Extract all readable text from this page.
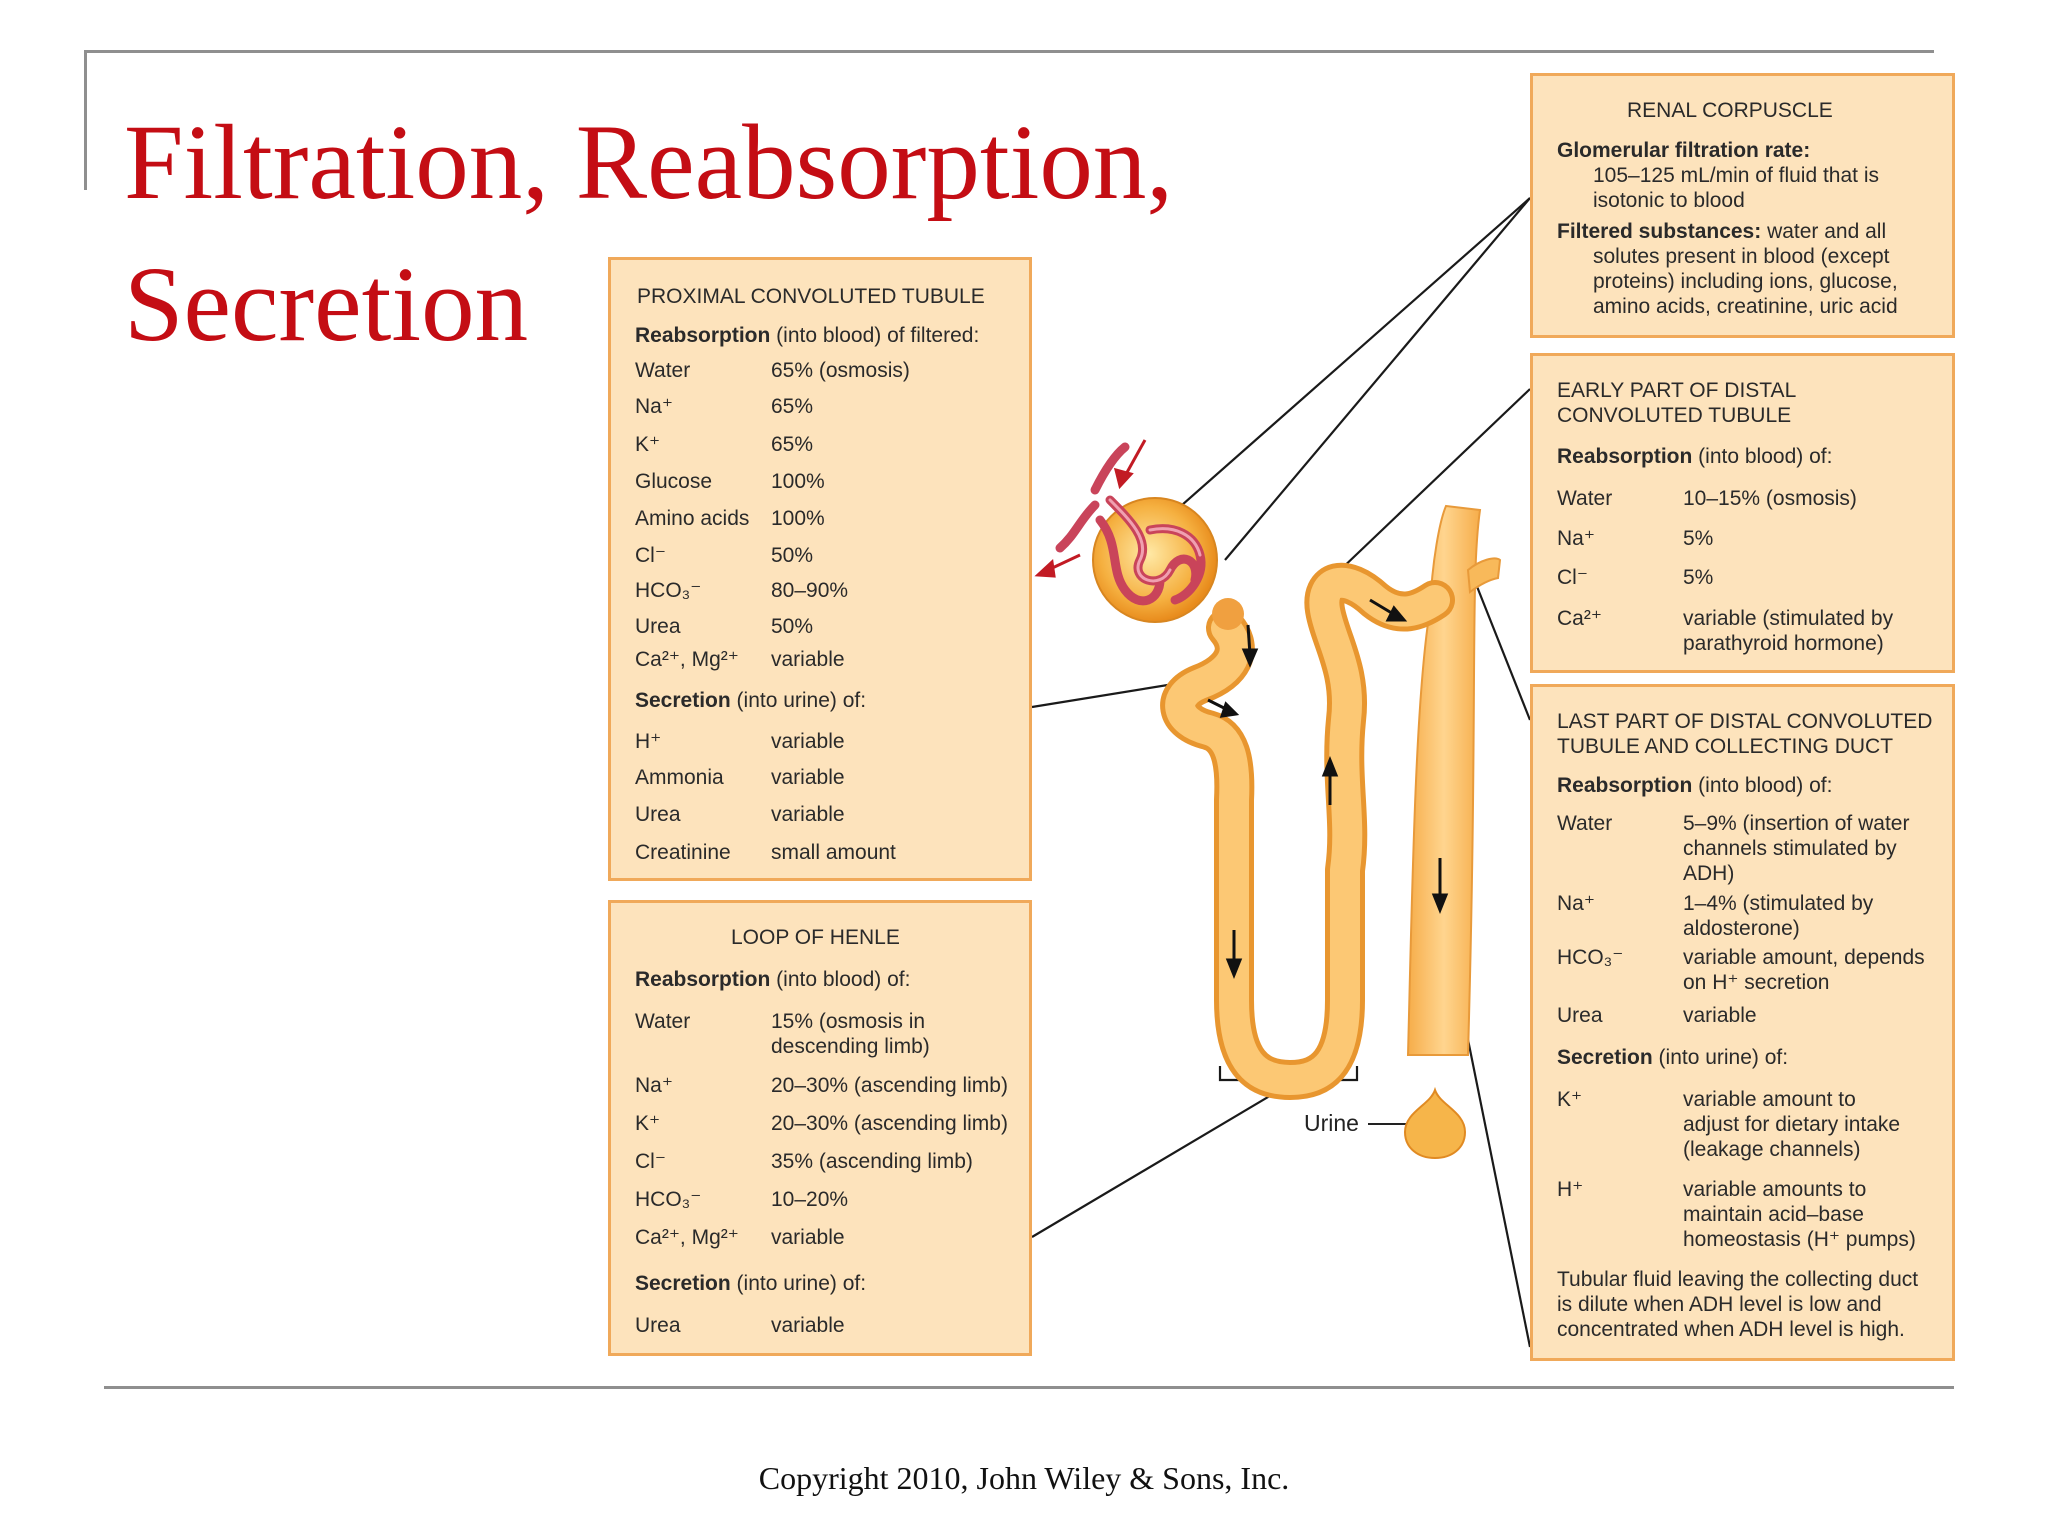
Filtration, Reabsorption,
Secretion
Urine
PROXIMAL CONVOLUTED TUBULE
Reabsorption (into blood) of filtered:
Water	65% (osmosis)
Na⁺	65%
K⁺	65%
Glucose	100%
Amino acids 100%
Cl⁻	50%
HCO₃⁻	80–90%
Urea	50%
Ca²⁺, Mg²⁺ variable
Secretion (into urine) of:
H⁺	variable
Ammonia variable
Urea	variable
Creatinine small amount
LOOP OF HENLE
Reabsorption (into blood) of:
Water	15% (osmosis in
descending limb)
Na⁺	20–30% (ascending limb)
K⁺	20–30% (ascending limb)
Cl⁻	35% (ascending limb)
HCO₃⁻	10–20%
Ca²⁺, Mg²⁺ variable
Secretion (into urine) of:
Urea	variable
RENAL CORPUSCLE
Glomerular filtration rate:
105–125 mL/min of fluid that is
isotonic to blood
Filtered substances: water and all
solutes present in blood (except
proteins) including ions, glucose,
amino acids, creatinine, uric acid
EARLY PART OF DISTAL
CONVOLUTED TUBULE
Reabsorption (into blood) of:
Water	10–15% (osmosis)
Na⁺	5%
Cl⁻	5%
Ca²⁺	variable (stimulated by
parathyroid hormone)
LAST PART OF DISTAL CONVOLUTED
TUBULE AND COLLECTING DUCT
Reabsorption (into blood) of:
Water	5–9% (insertion of water
channels stimulated by
ADH)
Na⁺	1–4% (stimulated by
aldosterone)
HCO₃⁻	variable amount, depends
on H⁺ secretion
Urea	variable
Secretion (into urine) of:
K⁺	variable amount to
adjust for dietary intake
(leakage channels)
H⁺	variable amounts to
maintain acid–base
homeostasis (H⁺ pumps)
Tubular fluid leaving the collecting duct
is dilute when ADH level is low and
concentrated when ADH level is high.
Copyright 2010, John Wiley & Sons, Inc.
